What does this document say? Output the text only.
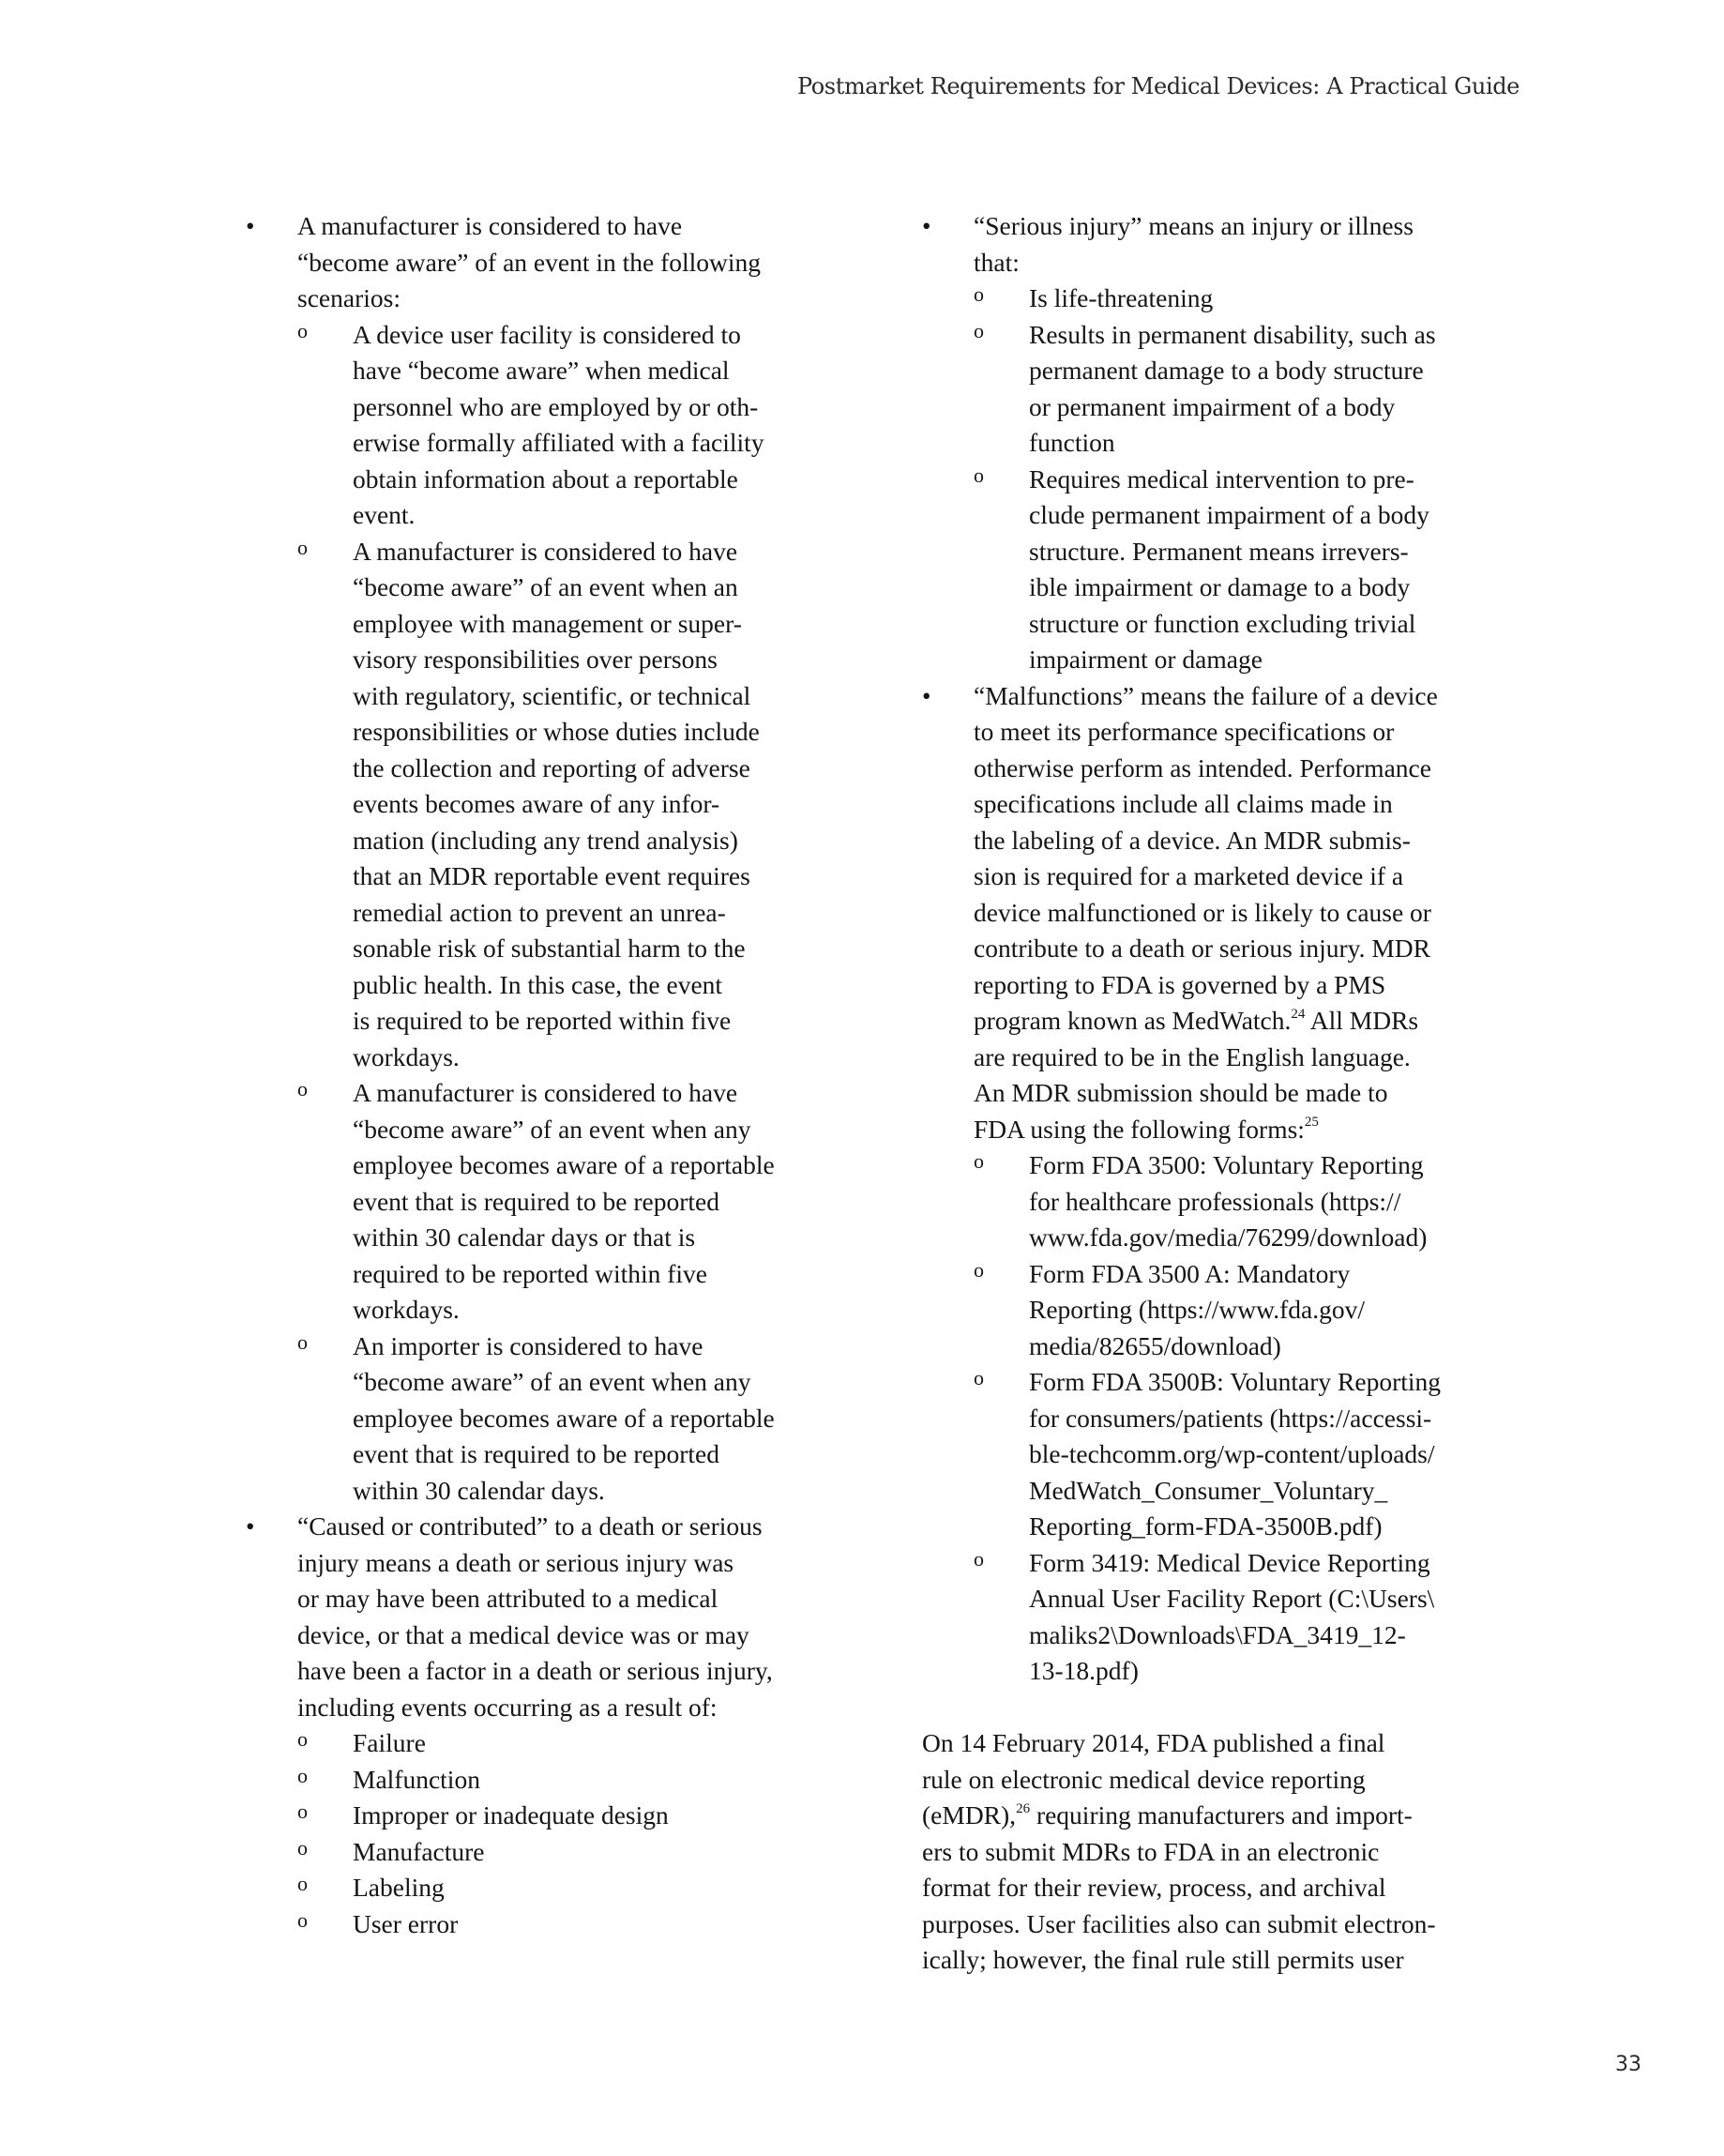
Postmarket Requirements for Medical Devices: A Practical Guide
•	A manufacturer is considered to have
“become aware” of an event in the following
scenarios:
o	A device user facility is considered to
have “become aware” when medical
personnel who are employed by or oth-
erwise formally affiliated with a facility
obtain information about a reportable
event.
o	A manufacturer is considered to have
“become aware” of an event when an
employee with management or super-
visory responsibilities over persons
with regulatory, scientific, or technical
responsibilities or whose duties include
the collection and reporting of adverse
events becomes aware of any infor-
mation (including any trend analysis)
that an MDR reportable event requires
remedial action to prevent an unrea-
sonable risk of substantial harm to the
public health. In this case, the event
is required to be reported within five
workdays.
o	A manufacturer is considered to have
“become aware” of an event when any
employee becomes aware of a reportable
event that is required to be reported
within 30 calendar days or that is
required to be reported within five
workdays.
o	An importer is considered to have
“become aware” of an event when any
employee becomes aware of a reportable
event that is required to be reported
within 30 calendar days.
•	“Caused or contributed” to a death or serious
injury means a death or serious injury was
or may have been attributed to a medical
device, or that a medical device was or may
have been a factor in a death or serious injury,
including events occurring as a result of:
o	Failure
o	Malfunction
o	Improper or inadequate design
o	Manufacture
o	Labeling
o	User error
•	“Serious injury” means an injury or illness
that:
o	Is life-threatening
o	Results in permanent disability, such as
permanent damage to a body structure
or permanent impairment of a body
function
o	Requires medical intervention to pre-
clude permanent impairment of a body
structure. Permanent means irrevers-
ible impairment or damage to a body
structure or function excluding trivial
impairment or damage
•	“Malfunctions” means the failure of a device
to meet its performance specifications or
otherwise perform as intended. Performance
specifications include all claims made in
the labeling of a device. An MDR submis-
sion is required for a marketed device if a
device malfunctioned or is likely to cause or
contribute to a death or serious injury. MDR
reporting to FDA is governed by a PMS
program known as MedWatch.$^{24}$ All MDRs
are required to be in the English language.
An MDR submission should be made to
FDA using the following forms:$^{25}$
o	Form FDA 3500: Voluntary Reporting
for healthcare professionals (https://
www.fda.gov/media/76299/download)
o	Form FDA 3500 A: Mandatory
Reporting (https://www.fda.gov/
media/82655/download)
o	Form FDA 3500B: Voluntary Reporting
for consumers/patients (https://accessi-
ble-techcomm.org/wp-content/uploads/
MedWatch_Consumer_Voluntary_
Reporting_form-FDA-3500B.pdf)
o	Form 3419: Medical Device Reporting
Annual User Facility Report (C:\Users\
maliks2\Downloads\FDA_3419_12-
13-18.pdf)
On 14 February 2014, FDA published a final
rule on electronic medical device reporting
(eMDR),$^{26}$ requiring manufacturers and import-
ers to submit MDRs to FDA in an electronic
format for their review, process, and archival
purposes. User facilities also can submit electron-
ically; however, the final rule still permits user
33
